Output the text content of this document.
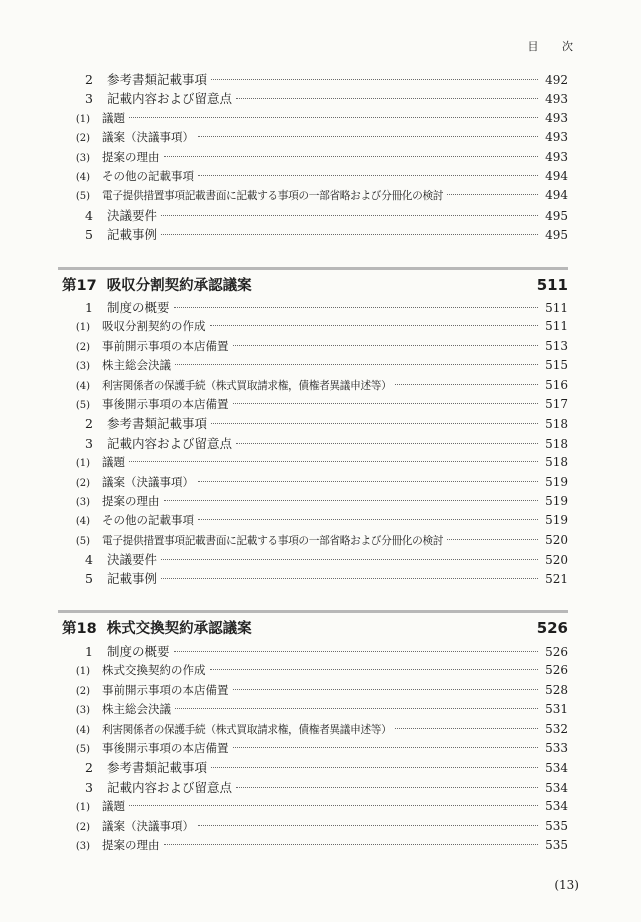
目 次
2 参考書類記載事項	492
3 記載内容および留意点	493
(1) 議題	493
(2) 議案（決議事項）	493
(3) 提案の理由	493
(4) その他の記載事項	494
(5) 電子提供措置事項記載書面に記載する事項の一部省略および分冊化の検討	494
4 決議要件	495
5 記載事例	495
第17 吸収分割契約承認議案	511
1 制度の概要	511
(1) 吸収分割契約の作成	511
(2) 事前開示事項の本店備置	513
(3) 株主総会決議	515
(4) 利害関係者の保護手続（株式買取請求権，債権者異議申述等）	516
(5) 事後開示事項の本店備置	517
2 参考書類記載事項	518
3 記載内容および留意点	518
(1) 議題	518
(2) 議案（決議事項）	519
(3) 提案の理由	519
(4) その他の記載事項	519
(5) 電子提供措置事項記載書面に記載する事項の一部省略および分冊化の検討	520
4 決議要件	520
5 記載事例	521
第18 株式交換契約承認議案	526
1 制度の概要	526
(1) 株式交換契約の作成	526
(2) 事前開示事項の本店備置	528
(3) 株主総会決議	531
(4) 利害関係者の保護手続（株式買取請求権，債権者異議申述等）	532
(5) 事後開示事項の本店備置	533
2 参考書類記載事項	534
3 記載内容および留意点	534
(1) 議題	534
(2) 議案（決議事項）	535
(3) 提案の理由	535
(13)
